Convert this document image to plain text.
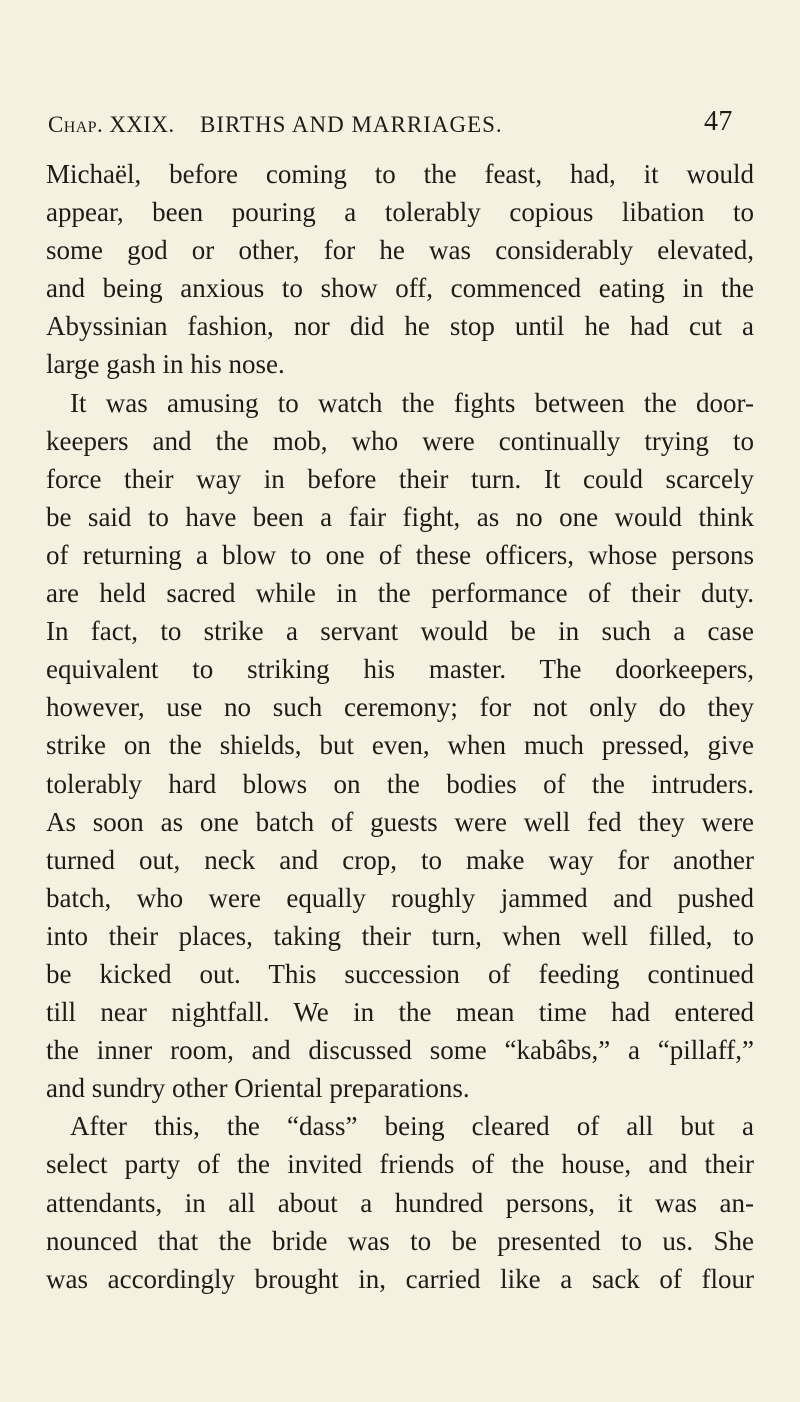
Chap. XXIX. BIRTHS AND MARRIAGES.	47
Michaël, before coming to the feast, had, it would
appear, been pouring a tolerably copious libation to
some god or other, for he was considerably elevated,
and being anxious to show off, commenced eating in the
Abyssinian fashion, nor did he stop until he had cut a
large gash in his nose.
It was amusing to watch the fights between the door-
keepers and the mob, who were continually trying to
force their way in before their turn. It could scarcely
be said to have been a fair fight, as no one would think
of returning a blow to one of these officers, whose persons
are held sacred while in the performance of their duty.
In fact, to strike a servant would be in such a case
equivalent to striking his master. The doorkeepers,
however, use no such ceremony; for not only do they
strike on the shields, but even, when much pressed, give
tolerably hard blows on the bodies of the intruders.
As soon as one batch of guests were well fed they were
turned out, neck and crop, to make way for another
batch, who were equally roughly jammed and pushed
into their places, taking their turn, when well filled, to
be kicked out. This succession of feeding continued
till near nightfall. We in the mean time had entered
the inner room, and discussed some “kabâbs,” a “pillaff,”
and sundry other Oriental preparations.
After this, the “dass” being cleared of all but a
select party of the invited friends of the house, and their
attendants, in all about a hundred persons, it was an-
nounced that the bride was to be presented to us. She
was accordingly brought in, carried like a sack of flour
